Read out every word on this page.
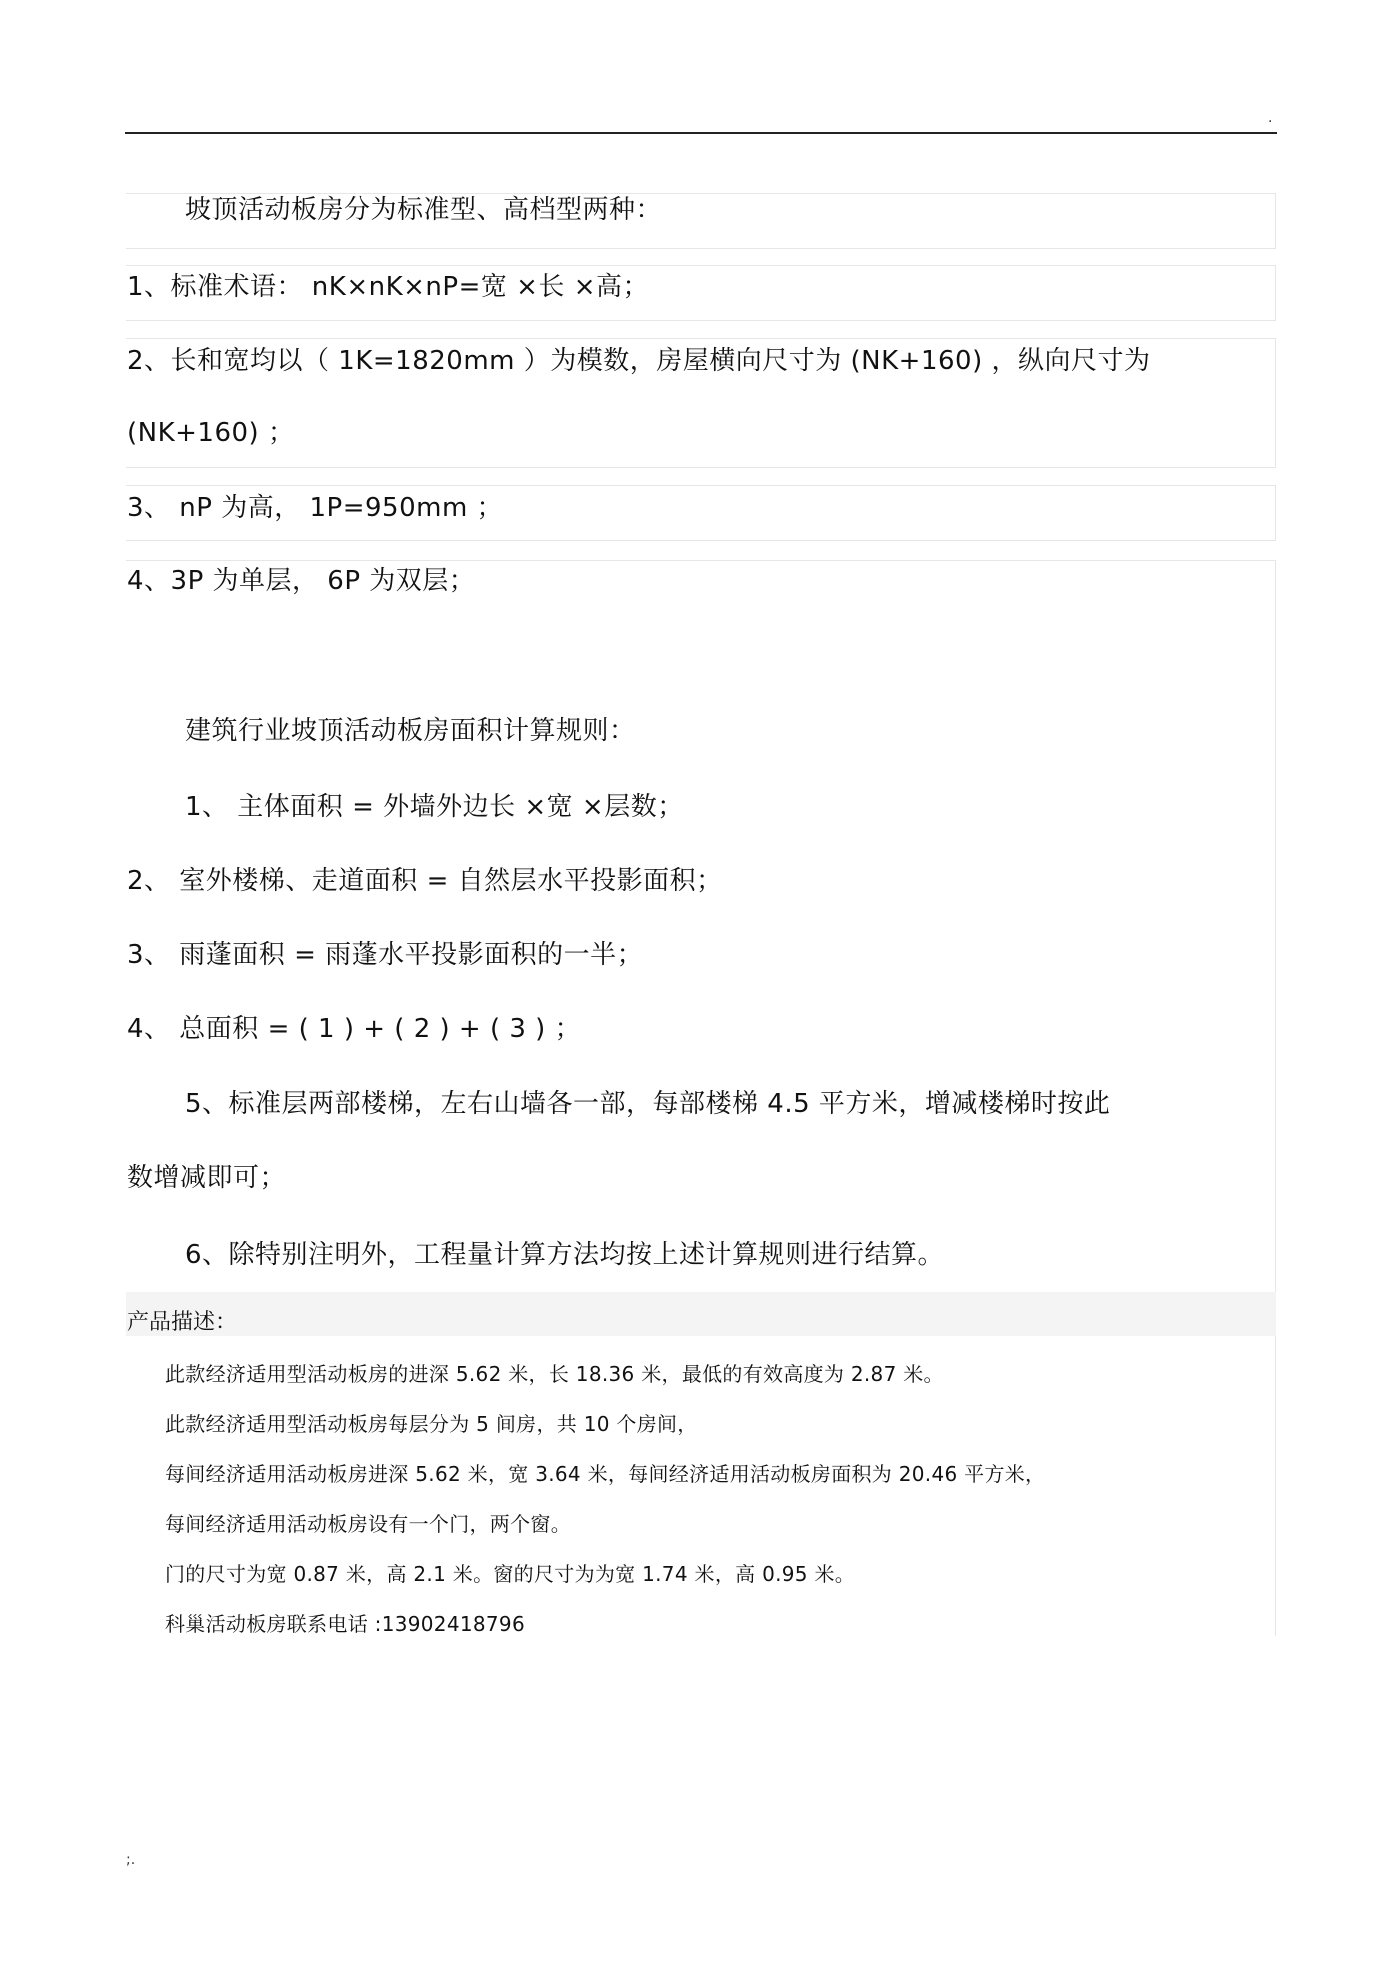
.
坡顶活动板房分为标准型、高档型两种：
1、标准术语： nK×nK×nP=宽 ×长 ×高；
2、长和宽均以（ 1K=1820mm ）为模数，房屋横向尺寸为 (NK+160) ，纵向尺寸为
(NK+160) ；
3、 nP 为高， 1P=950mm ；
4、3P 为单层， 6P 为双层；
建筑行业坡顶活动板房面积计算规则：
1、 主体面积 = 外墙外边长 ×宽 ×层数；
2、 室外楼梯、走道面积 = 自然层水平投影面积；
3、 雨蓬面积 = 雨蓬水平投影面积的一半；
4、 总面积 = ( 1 ) + ( 2 ) + ( 3 ) ；
5、标准层两部楼梯，左右山墙各一部，每部楼梯 4.5 平方米，增减楼梯时按此
数增减即可；
6、除特别注明外，工程量计算方法均按上述计算规则进行结算。
产品描述：
此款经济适用型活动板房的进深 5.62 米，长 18.36 米，最低的有效高度为 2.87 米。
此款经济适用型活动板房每层分为 5 间房，共 10 个房间，
每间经济适用活动板房进深 5.62 米，宽 3.64 米，每间经济适用活动板房面积为 20.46 平方米，
每间经济适用活动板房设有一个门，两个窗。
门的尺寸为宽 0.87 米，高 2.1 米。窗的尺寸为为宽 1.74 米，高 0.95 米。
科巢活动板房联系电话 :13902418796
;.
